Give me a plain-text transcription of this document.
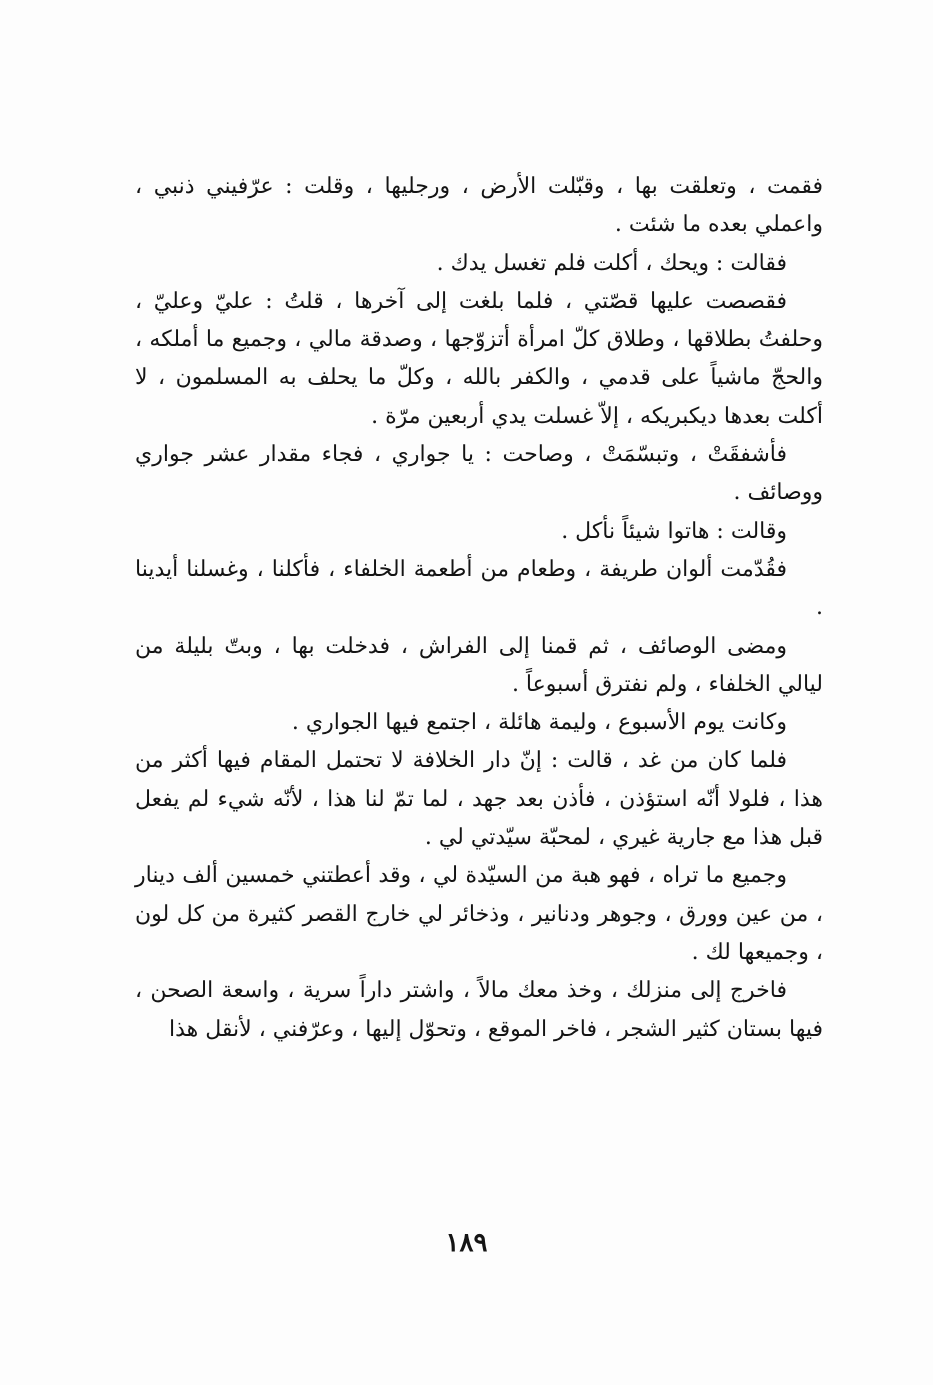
فقمت ، وتعلقت بها ، وقبّلت الأرض ، ورجليها ، وقلت : عرّفيني ذنبي ، واعملي بعده ما شئت .

فقالت : ويحك ، أكلت فلم تغسل يدك .

فقصصت عليها قصّتي ، فلما بلغت إلى آخرها ، قلتُ : عليّ وعليّ ، وحلفتُ بطلاقها ، وطلاق كلّ امرأة أتزوّجها ، وصدقة مالي ، وجميع ما أملكه ، والحجّ ماشياً على قدمي ، والكفر بالله ، وكلّ ما يحلف به المسلمون ، لا أكلت بعدها ديكبريكه ، إلاّ غسلت يدي أربعين مرّة .

فأشفقَتْ ، وتبسّمَتْ ، وصاحت : يا جواري ، فجاء مقدار عشر جواري ووصائف .

وقالت : هاتوا شيئاً نأكل .

فقُدّمت ألوان طريفة ، وطعام من أطعمة الخلفاء ، فأكلنا ، وغسلنا أيدينا .

ومضى الوصائف ، ثم قمنا إلى الفراش ، فدخلت بها ، وبتّ بليلة من ليالي الخلفاء ، ولم نفترق أسبوعاً .

وكانت يوم الأسبوع ، وليمة هائلة ، اجتمع فيها الجواري .

فلما كان من غد ، قالت : إنّ دار الخلافة لا تحتمل المقام فيها أكثر من هذا ، فلولا أنّه استؤذن ، فأذن بعد جهد ، لما تمّ لنا هذا ، لأنّه شيء لم يفعل قبل هذا مع جارية غيري ، لمحبّة سيّدتي لي .

وجميع ما تراه ، فهو هبة من السيّدة لي ، وقد أعطتني خمسين ألف دينار ، من عين وورق ، وجوهر ودنانير ، وذخائر لي خارج القصر كثيرة من كل لون ، وجميعها لك .

فاخرج إلى منزلك ، وخذ معك مالاً ، واشتر داراً سرية ، واسعة الصحن ، فيها بستان كثير الشجر ، فاخر الموقع ، وتحوّل إليها ، وعرّفني ، لأنقل هذا

١٨٩
